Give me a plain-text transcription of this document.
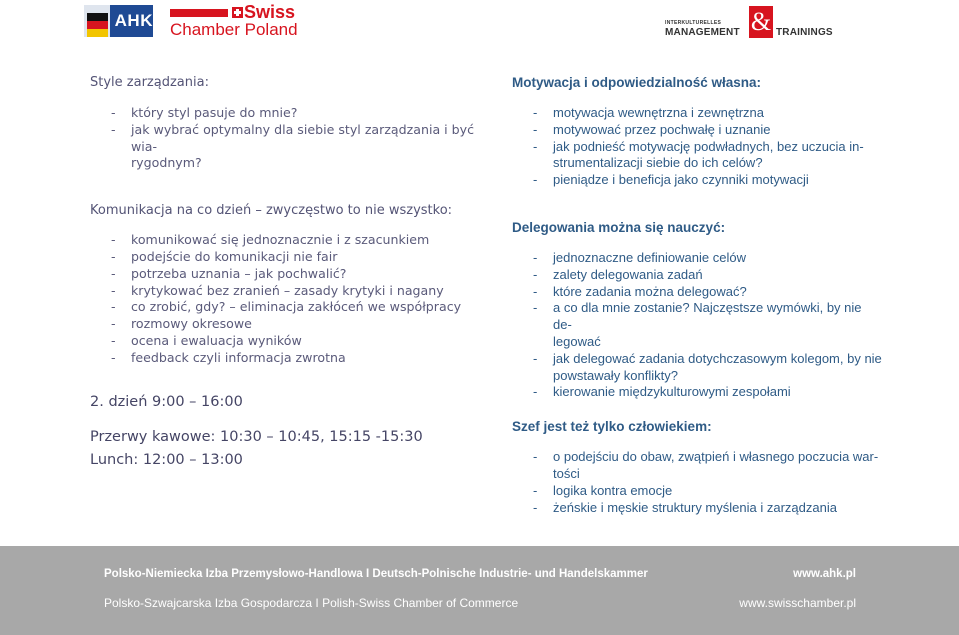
AHK	Swiss
Chamber Poland	INTERKULTURELLES
MANAGEMENT & TRAININGS

Style zarządzania:

- który styl pasuje do mnie?
- jak wybrać optymalny dla siebie styl zarządzania i być wia-
rygodnym?

Komunikacja na co dzień – zwyczęstwo to nie wszystko:

- komunikować się jednoznacznie i z szacunkiem
- podejście do komunikacji nie fair
- potrzeba uznania – jak pochwalić?
- krytykować bez zranień – zasady krytyki i nagany
- co zrobić, gdy? – eliminacja zakłóceń we współpracy
- rozmowy okresowe
- ocena i ewaluacja wyników
- feedback czyli informacja zwrotna

2. dzień 9:00 – 16:00

Przerwy kawowe: 10:30 – 10:45, 15:15 -15:30

Lunch: 12:00 – 13:00

Motywacja i odpowiedzialność własna:

- motywacja wewnętrzna i zewnętrzna
- motywować przez pochwałę i uznanie
- jak podnieść motywację podwładnych, bez uczucia in-
strumentalizacji siebie do ich celów?
- pieniądze i beneficja jako czynniki motywacji

Delegowania można się nauczyć:

- jednoznaczne definiowanie celów
- zalety delegowania zadań
- które zadania można delegować?
- a co dla mnie zostanie? Najczęstsze wymówki, by nie de-
legować
- jak delegować zadania dotychczasowym kolegom, by nie
powstawały konflikty?
- kierowanie międzykulturowymi zespołami

Szef jest też tylko człowiekiem:

- o podejściu do obaw, zwątpień i własnego poczucia war-
tości
- logika kontra emocje
- żeńskie i męskie struktury myślenia i zarządzania
Polsko-Niemiecka Izba Przemysłowo-Handlowa I Deutsch-Polnische Industrie- und Handelskammer	www.ahk.pl
Polsko-Szwajcarska Izba Gospodarcza I Polish-Swiss Chamber of Commerce	www.swisschamber.pl
